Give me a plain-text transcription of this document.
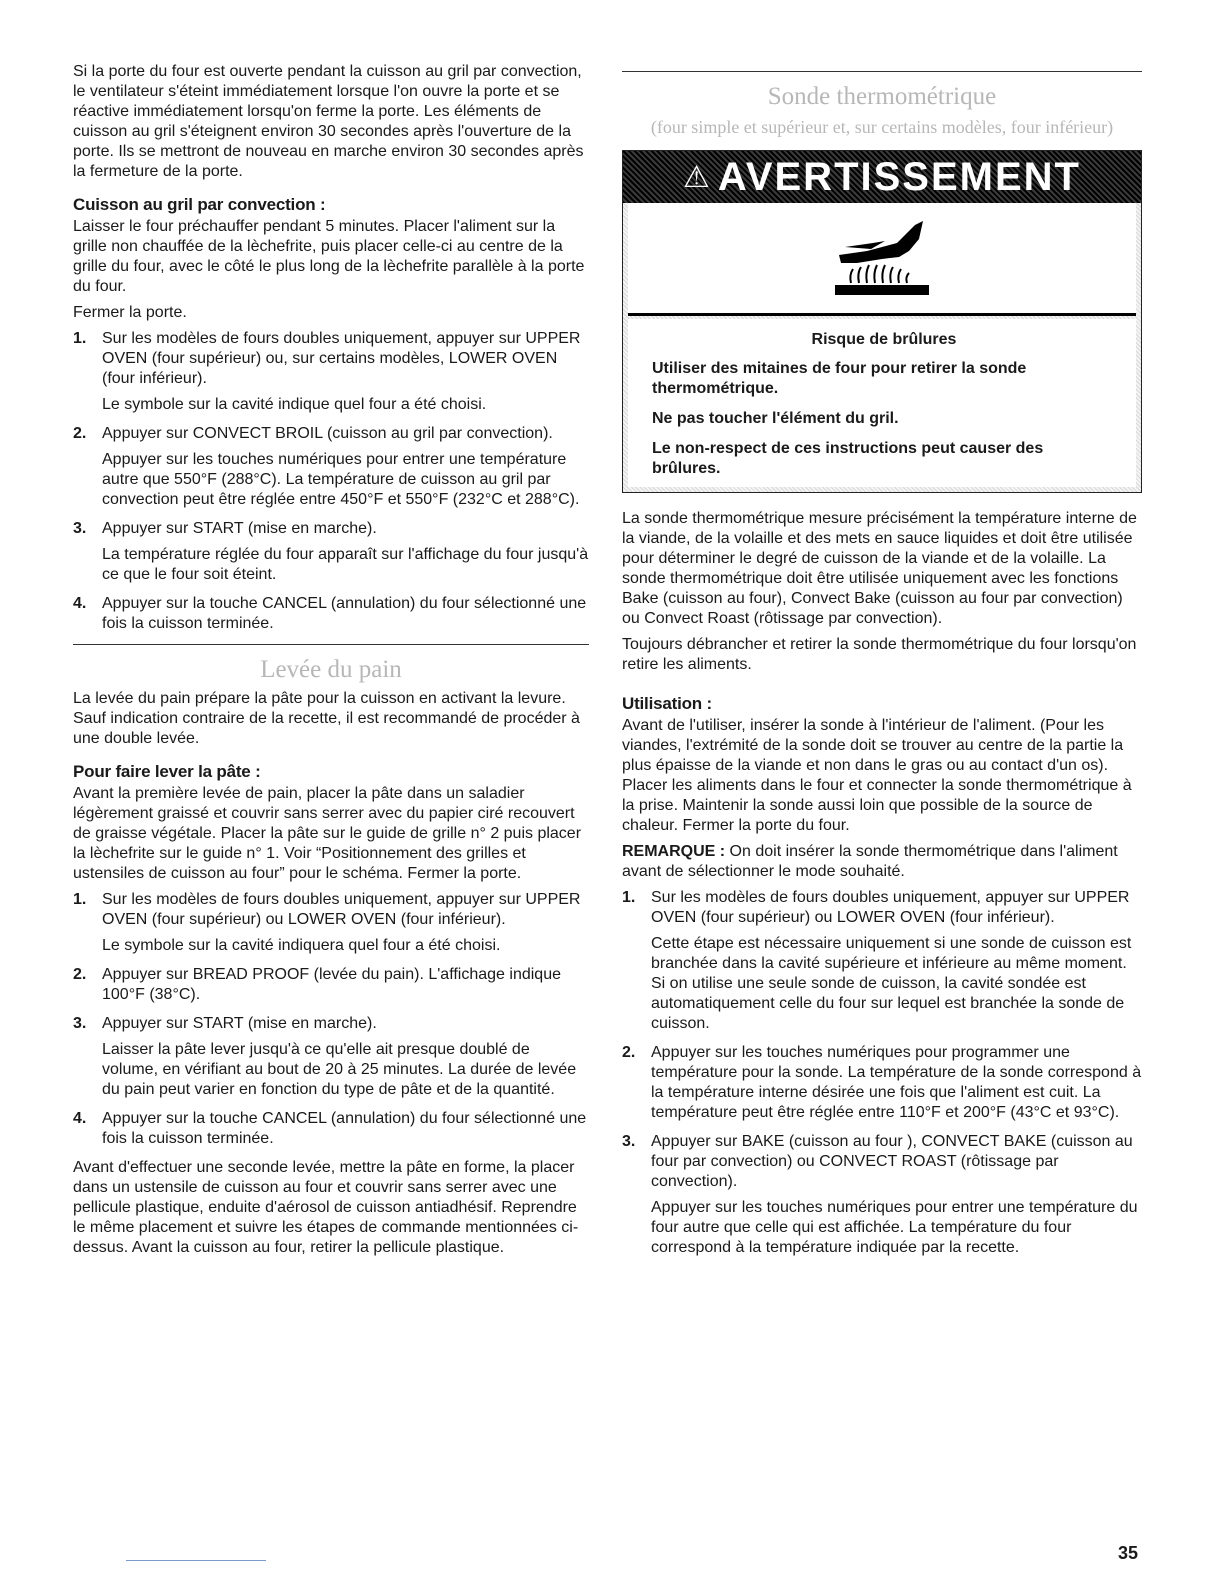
Si la porte du four est ouverte pendant la cuisson au gril par convection, le ventilateur s'éteint immédiatement lorsque l'on ouvre la porte et se réactive immédiatement lorsqu'on ferme la porte. Les éléments de cuisson au gril s'éteignent environ 30 secondes après l'ouverture de la porte. Ils se mettront de nouveau en marche environ 30 secondes après la fermeture de la porte.

Cuisson au gril par convection :

Laisser le four préchauffer pendant 5 minutes. Placer l'aliment sur la grille non chauffée de la lèchefrite, puis placer celle-ci au centre de la grille du four, avec le côté le plus long de la lèchefrite parallèle à la porte du four.

Fermer la porte.

1. Sur les modèles de fours doubles uniquement, appuyer sur UPPER OVEN (four supérieur) ou, sur certains modèles, LOWER OVEN (four inférieur).

Le symbole sur la cavité indique quel four a été choisi.

2. Appuyer sur CONVECT BROIL (cuisson au gril par convection).

Appuyer sur les touches numériques pour entrer une température autre que 550°F (288°C). La température de cuisson au gril par convection peut être réglée entre 450°F et 550°F (232°C et 288°C).

3. Appuyer sur START (mise en marche).

La température réglée du four apparaît sur l'affichage du four jusqu'à ce que le four soit éteint.

4. Appuyer sur la touche CANCEL (annulation) du four sélectionné une fois la cuisson terminée.

Levée du pain

La levée du pain prépare la pâte pour la cuisson en activant la levure. Sauf indication contraire de la recette, il est recommandé de procéder à une double levée.

Pour faire lever la pâte :

Avant la première levée de pain, placer la pâte dans un saladier légèrement graissé et couvrir sans serrer avec du papier ciré recouvert de graisse végétale. Placer la pâte sur le guide de grille n° 2 puis placer la lèchefrite sur le guide n° 1. Voir “Positionnement des grilles et ustensiles de cuisson au four” pour le schéma. Fermer la porte.

1. Sur les modèles de fours doubles uniquement, appuyer sur UPPER OVEN (four supérieur) ou LOWER OVEN (four inférieur).

Le symbole sur la cavité indiquera quel four a été choisi.

2. Appuyer sur BREAD PROOF (levée du pain). L'affichage indique 100°F (38°C).

3. Appuyer sur START (mise en marche).

Laisser la pâte lever jusqu'à ce qu'elle ait presque doublé de volume, en vérifiant au bout de 20 à 25 minutes. La durée de levée du pain peut varier en fonction du type de pâte et de la quantité.

4. Appuyer sur la touche CANCEL (annulation) du four sélectionné une fois la cuisson terminée.

Avant d'effectuer une seconde levée, mettre la pâte en forme, la placer dans un ustensile de cuisson au four et couvrir sans serrer avec une pellicule plastique, enduite d'aérosol de cuisson antiadhésif. Reprendre le même placement et suivre les étapes de commande mentionnées ci-dessus. Avant la cuisson au four, retirer la pellicule plastique.

Sonde thermométrique
(four simple et supérieur et, sur certains modèles, four inférieur)
⚠ AVERTISSEMENT
Risque de brûlures
Utiliser des mitaines de four pour retirer la sonde thermométrique.
Ne pas toucher l'élément du gril.
Le non-respect de ces instructions peut causer des brûlures.

La sonde thermométrique mesure précisément la température interne de la viande, de la volaille et des mets en sauce liquides et doit être utilisée pour déterminer le degré de cuisson de la viande et de la volaille. La sonde thermométrique doit être utilisée uniquement avec les fonctions Bake (cuisson au four), Convect Bake (cuisson au four par convection) ou Convect Roast (rôtissage par convection).

Toujours débrancher et retirer la sonde thermométrique du four lorsqu'on retire les aliments.

Utilisation :

Avant de l'utiliser, insérer la sonde à l'intérieur de l'aliment. (Pour les viandes, l'extrémité de la sonde doit se trouver au centre de la partie la plus épaisse de la viande et non dans le gras ou au contact d'un os). Placer les aliments dans le four et connecter la sonde thermométrique à la prise. Maintenir la sonde aussi loin que possible de la source de chaleur. Fermer la porte du four.

REMARQUE : On doit insérer la sonde thermométrique dans l'aliment avant de sélectionner le mode souhaité.

1. Sur les modèles de fours doubles uniquement, appuyer sur UPPER OVEN (four supérieur) ou LOWER OVEN (four inférieur).

Cette étape est nécessaire uniquement si une sonde de cuisson est branchée dans la cavité supérieure et inférieure au même moment. Si on utilise une seule sonde de cuisson, la cavité sondée est automatiquement celle du four sur lequel est branchée la sonde de cuisson.

2. Appuyer sur les touches numériques pour programmer une température pour la sonde. La température de la sonde correspond à la température interne désirée une fois que l'aliment est cuit. La température peut être réglée entre 110°F et 200°F (43°C et 93°C).

3. Appuyer sur BAKE (cuisson au four ), CONVECT BAKE (cuisson au four par convection) ou CONVECT ROAST (rôtissage par convection).

Appuyer sur les touches numériques pour entrer une température du four autre que celle qui est affichée. La température du four correspond à la température indiquée par la recette.

35
